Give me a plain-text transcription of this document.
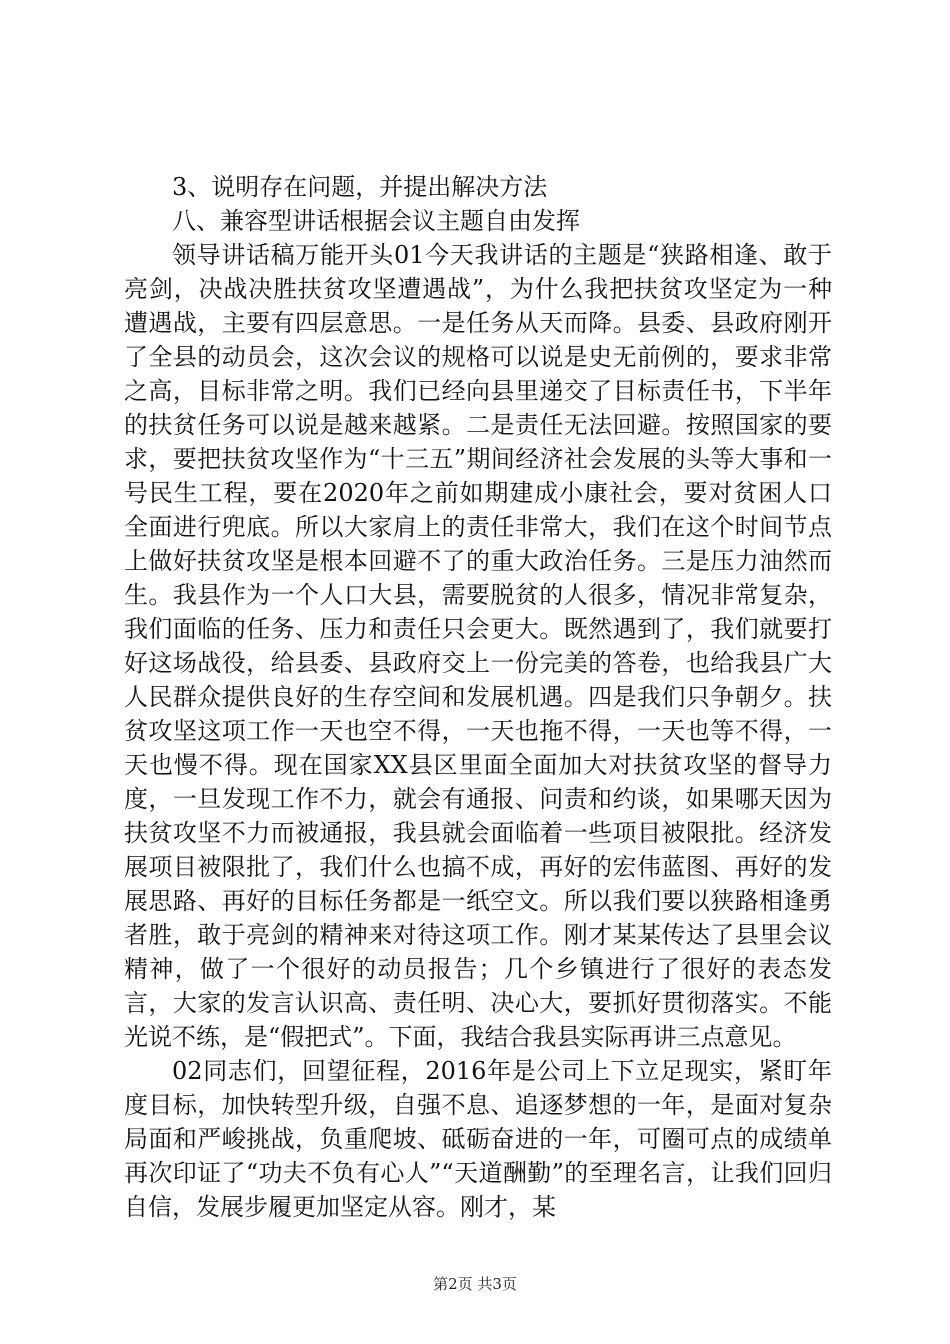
3、说明存在问题，并提出解决方法

八、兼容型讲话根据会议主题自由发挥

领导讲话稿万能开头01今天我讲话的主题是“狭路相逢、敢于亮剑，决战决胜扶贫攻坚遭遇战”，为什么我把扶贫攻坚定为一种遭遇战，主要有四层意思。一是任务从天而降。县委、县政府刚开了全县的动员会，这次会议的规格可以说是史无前例的，要求非常之高，目标非常之明。我们已经向县里递交了目标责任书，下半年的扶贫任务可以说是越来越紧。二是责任无法回避。按照国家的要求，要把扶贫攻坚作为“十三五”期间经济社会发展的头等大事和一号民生工程，要在2020年之前如期建成小康社会，要对贫困人口全面进行兜底。所以大家肩上的责任非常大，我们在这个时间节点上做好扶贫攻坚是根本回避不了的重大政治任务。三是压力油然而生。我县作为一个人口大县，需要脱贫的人很多，情况非常复杂，我们面临的任务、压力和责任只会更大。既然遇到了，我们就要打好这场战役，给县委、县政府交上一份完美的答卷，也给我县广大人民群众提供良好的生存空间和发展机遇。四是我们只争朝夕。扶贫攻坚这项工作一天也空不得，一天也拖不得，一天也等不得，一天也慢不得。现在国家XX县区里面全面加大对扶贫攻坚的督导力度，一旦发现工作不力，就会有通报、问责和约谈，如果哪天因为扶贫攻坚不力而被通报，我县就会面临着一些项目被限批。经济发展项目被限批了，我们什么也搞不成，再好的宏伟蓝图、再好的发展思路、再好的目标任务都是一纸空文。所以我们要以狭路相逢勇者胜，敢于亮剑的精神来对待这项工作。刚才某某传达了县里会议精神，做了一个很好的动员报告；几个乡镇进行了很好的表态发言，大家的发言认识高、责任明、决心大，要抓好贯彻落实。不能光说不练，是“假把式”。下面，我结合我县实际再讲三点意见。

02同志们，回望征程，2016年是公司上下立足现实，紧盯年度目标，加快转型升级，自强不息、追逐梦想的一年，是面对复杂局面和严峻挑战，负重爬坡、砥砺奋进的一年，可圈可点的成绩单再次印证了“功夫不负有心人”“天道酬勤”的至理名言，让我们回归自信，发展步履更加坚定从容。刚才，某

第2页 共3页
